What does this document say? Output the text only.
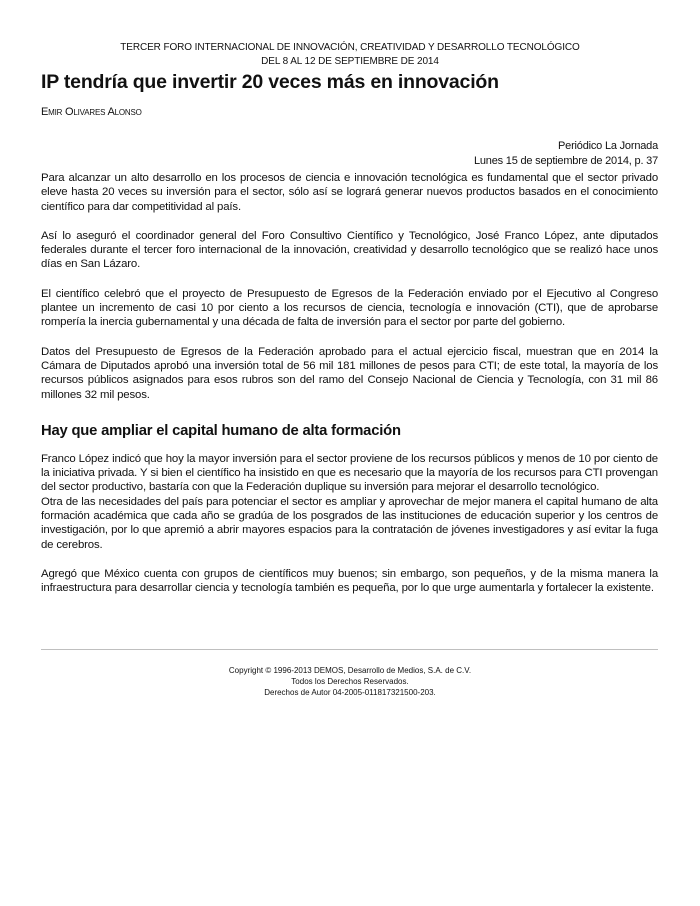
TERCER FORO INTERNACIONAL DE INNOVACIÓN, CREATIVIDAD Y DESARROLLO TECNOLÓGICO
DEL 8 AL 12 DE SEPTIEMBRE DE 2014
IP tendría que invertir 20 veces más en innovación
Emir Olivares Alonso
Periódico La Jornada
Lunes 15 de septiembre de 2014, p. 37

Para alcanzar un alto desarrollo en los procesos de ciencia e innovación tecnológica es fundamental que el sector privado eleve hasta 20 veces su inversión para el sector, sólo así se logrará generar nuevos productos basados en el conocimiento científico para dar competitividad al país.

Así lo aseguró el coordinador general del Foro Consultivo Científico y Tecnológico, José Franco López, ante diputados federales durante el tercer foro internacional de la innovación, creatividad y desarrollo tecnológico que se realizó hace unos días en San Lázaro.

El científico celebró que el proyecto de Presupuesto de Egresos de la Federación enviado por el Ejecutivo al Congreso plantee un incremento de casi 10 por ciento a los recursos de ciencia, tecnología e innovación (CTI), que de aprobarse rompería la inercia gubernamental y una década de falta de inversión para el sector por parte del gobierno.

Datos del Presupuesto de Egresos de la Federación aprobado para el actual ejercicio fiscal, muestran que en 2014 la Cámara de Diputados aprobó una inversión total de 56 mil 181 millones de pesos para CTI; de este total, la mayoría de los recursos públicos asignados para esos rubros son del ramo del Consejo Nacional de Ciencia y Tecnología, con 31 mil 86 millones 32 mil pesos.

Hay que ampliar el capital humano de alta formación

Franco López indicó que hoy la mayor inversión para el sector proviene de los recursos públicos y menos de 10 por ciento de la iniciativa privada. Y si bien el científico ha insistido en que es necesario que la mayoría de los recursos para CTI provengan del sector productivo, bastaría con que la Federación duplique su inversión para mejorar el desarrollo tecnológico.

Otra de las necesidades del país para potenciar el sector es ampliar y aprovechar de mejor manera el capital humano de alta formación académica que cada año se gradúa de los posgrados de las instituciones de educación superior y los centros de investigación, por lo que apremió a abrir mayores espacios para la contratación de jóvenes investigadores y así evitar la fuga de cerebros.

Agregó que México cuenta con grupos de científicos muy buenos; sin embargo, son pequeños, y de la misma manera la infraestructura para desarrollar ciencia y tecnología también es pequeña, por lo que urge aumentarla y fortalecer la existente.

Copyright © 1996-2013 DEMOS, Desarrollo de Medios, S.A. de C.V.
Todos los Derechos Reservados.
Derechos de Autor 04-2005-011817321500-203.
